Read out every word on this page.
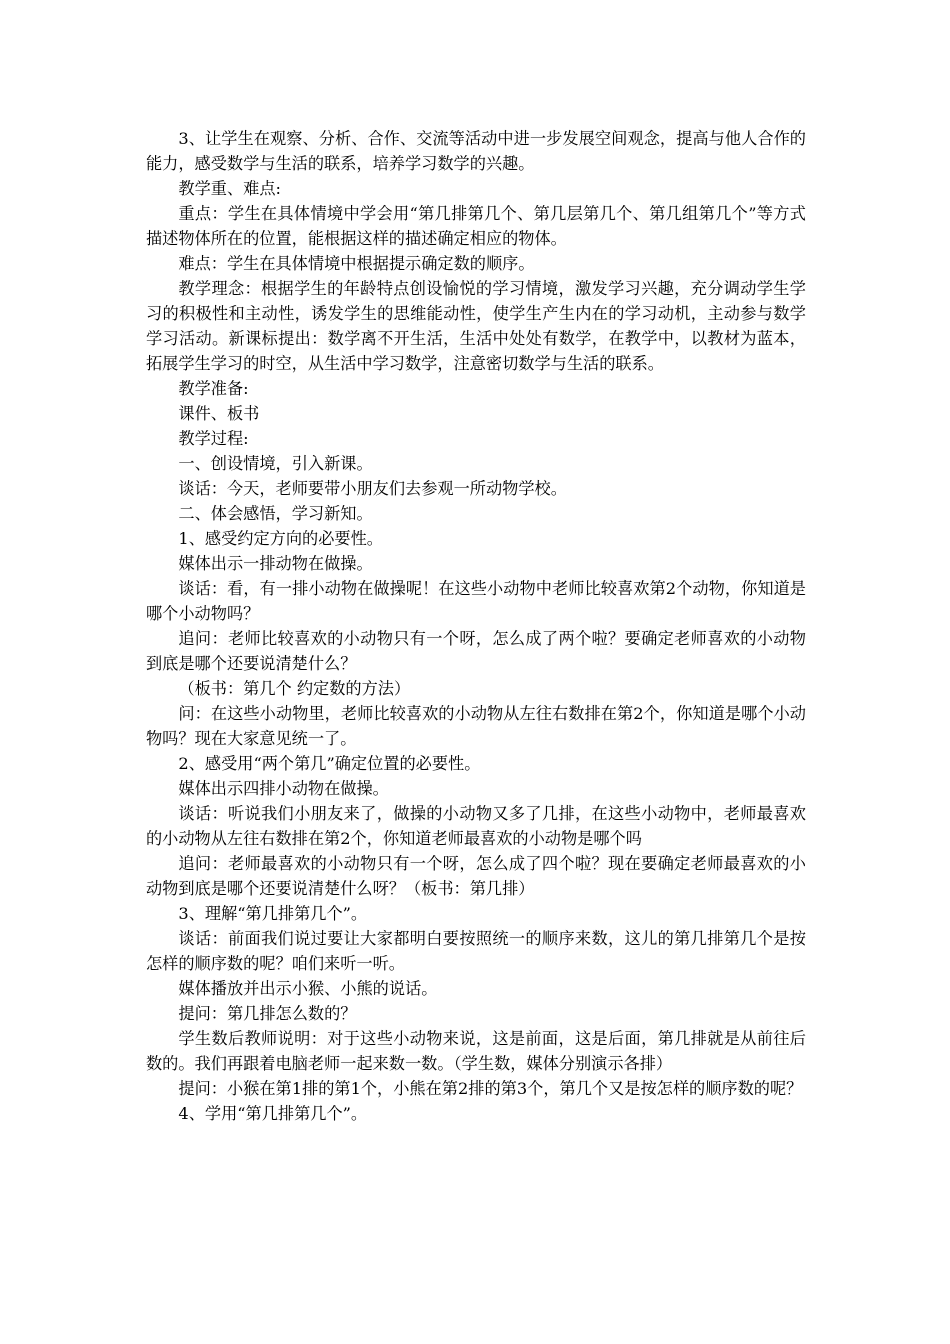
3、让学生在观察、分析、合作、交流等活动中进一步发展空间观念，提高与他人合作的能力，感受数学与生活的联系，培养学习数学的兴趣。

教学重、难点:

重点：学生在具体情境中学会用“第几排第几个、第几层第几个、第几组第几个”等方式描述物体所在的位置，能根据这样的描述确定相应的物体。

难点：学生在具体情境中根据提示确定数的顺序。

教学理念：根据学生的年龄特点创设愉悦的学习情境，激发学习兴趣，充分调动学生学习的积极性和主动性，诱发学生的思维能动性，使学生产生内在的学习动机，主动参与数学学习活动。新课标提出：数学离不开生活，生活中处处有数学，在教学中，以教材为蓝本，拓展学生学习的时空，从生活中学习数学，注意密切数学与生活的联系。

教学准备:

课件、板书

教学过程:

一、创设情境，引入新课。

谈话：今天，老师要带小朋友们去参观一所动物学校。

二、体会感悟，学习新知。

1、感受约定方向的必要性。

媒体出示一排动物在做操。

谈话：看，有一排小动物在做操呢！在这些小动物中老师比较喜欢第2个动物，你知道是哪个小动物吗？

追问：老师比较喜欢的小动物只有一个呀，怎么成了两个啦？要确定老师喜欢的小动物到底是哪个还要说清楚什么？

（板书：第几个 约定数的方法）

问：在这些小动物里，老师比较喜欢的小动物从左往右数排在第2个，你知道是哪个小动物吗？现在大家意见统一了。

2、感受用“两个第几”确定位置的必要性。

媒体出示四排小动物在做操。

谈话：听说我们小朋友来了，做操的小动物又多了几排，在这些小动物中，老师最喜欢的小动物从左往右数排在第2个，你知道老师最喜欢的小动物是哪个吗

追问：老师最喜欢的小动物只有一个呀，怎么成了四个啦？现在要确定老师最喜欢的小动物到底是哪个还要说清楚什么呀？（板书：第几排）

3、理解“第几排第几个”。

谈话：前面我们说过要让大家都明白要按照统一的顺序来数，这儿的第几排第几个是按怎样的顺序数的呢？咱们来听一听。

媒体播放并出示小猴、小熊的说话。

提问：第几排怎么数的？

学生数后教师说明：对于这些小动物来说，这是前面，这是后面，第几排就是从前往后数的。我们再跟着电脑老师一起来数一数。（学生数，媒体分别演示各排）

提问：小猴在第1排的第1个，小熊在第2排的第3个，第几个又是按怎样的顺序数的呢？

4、学用“第几排第几个”。
